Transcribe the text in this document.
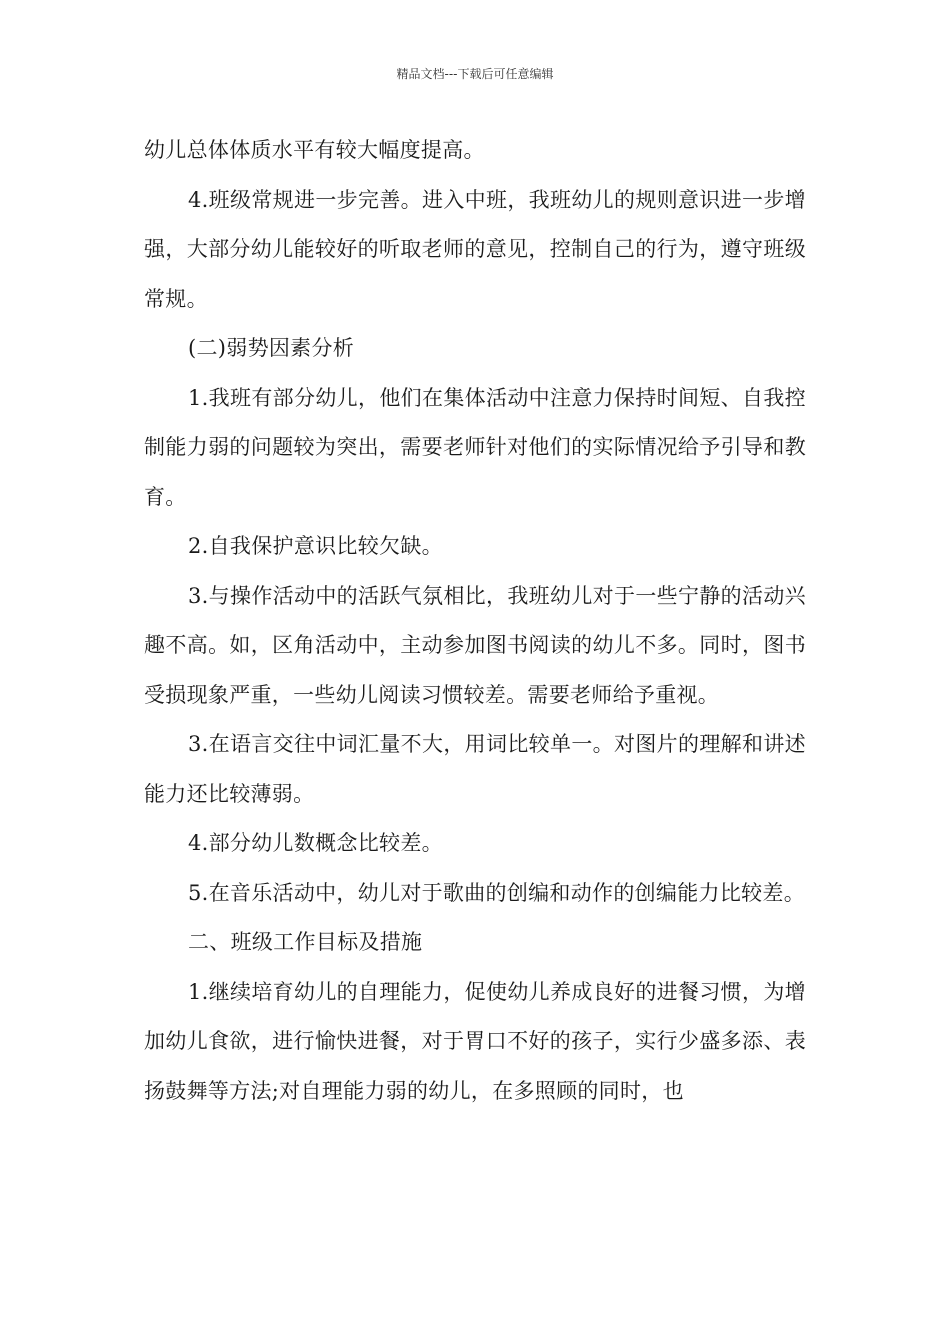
精品文档---下载后可任意编辑

幼儿总体体质水平有较大幅度提高。

4.班级常规进一步完善。进入中班，我班幼儿的规则意识进一步增强，大部分幼儿能较好的听取老师的意见，控制自己的行为，遵守班级常规。

(二)弱势因素分析

1.我班有部分幼儿，他们在集体活动中注意力保持时间短、自我控制能力弱的问题较为突出，需要老师针对他们的实际情况给予引导和教育。

2.自我保护意识比较欠缺。

3.与操作活动中的活跃气氛相比，我班幼儿对于一些宁静的活动兴趣不高。如，区角活动中，主动参加图书阅读的幼儿不多。同时，图书受损现象严重，一些幼儿阅读习惯较差。需要老师给予重视。

3.在语言交往中词汇量不大，用词比较单一。对图片的理解和讲述能力还比较薄弱。

4.部分幼儿数概念比较差。

5.在音乐活动中，幼儿对于歌曲的创编和动作的创编能力比较差。

二、班级工作目标及措施

1.继续培育幼儿的自理能力，促使幼儿养成良好的进餐习惯，为增加幼儿食欲，进行愉快进餐，对于胃口不好的孩子，实行少盛多添、表扬鼓舞等方法;对自理能力弱的幼儿，在多照顾的同时，也
